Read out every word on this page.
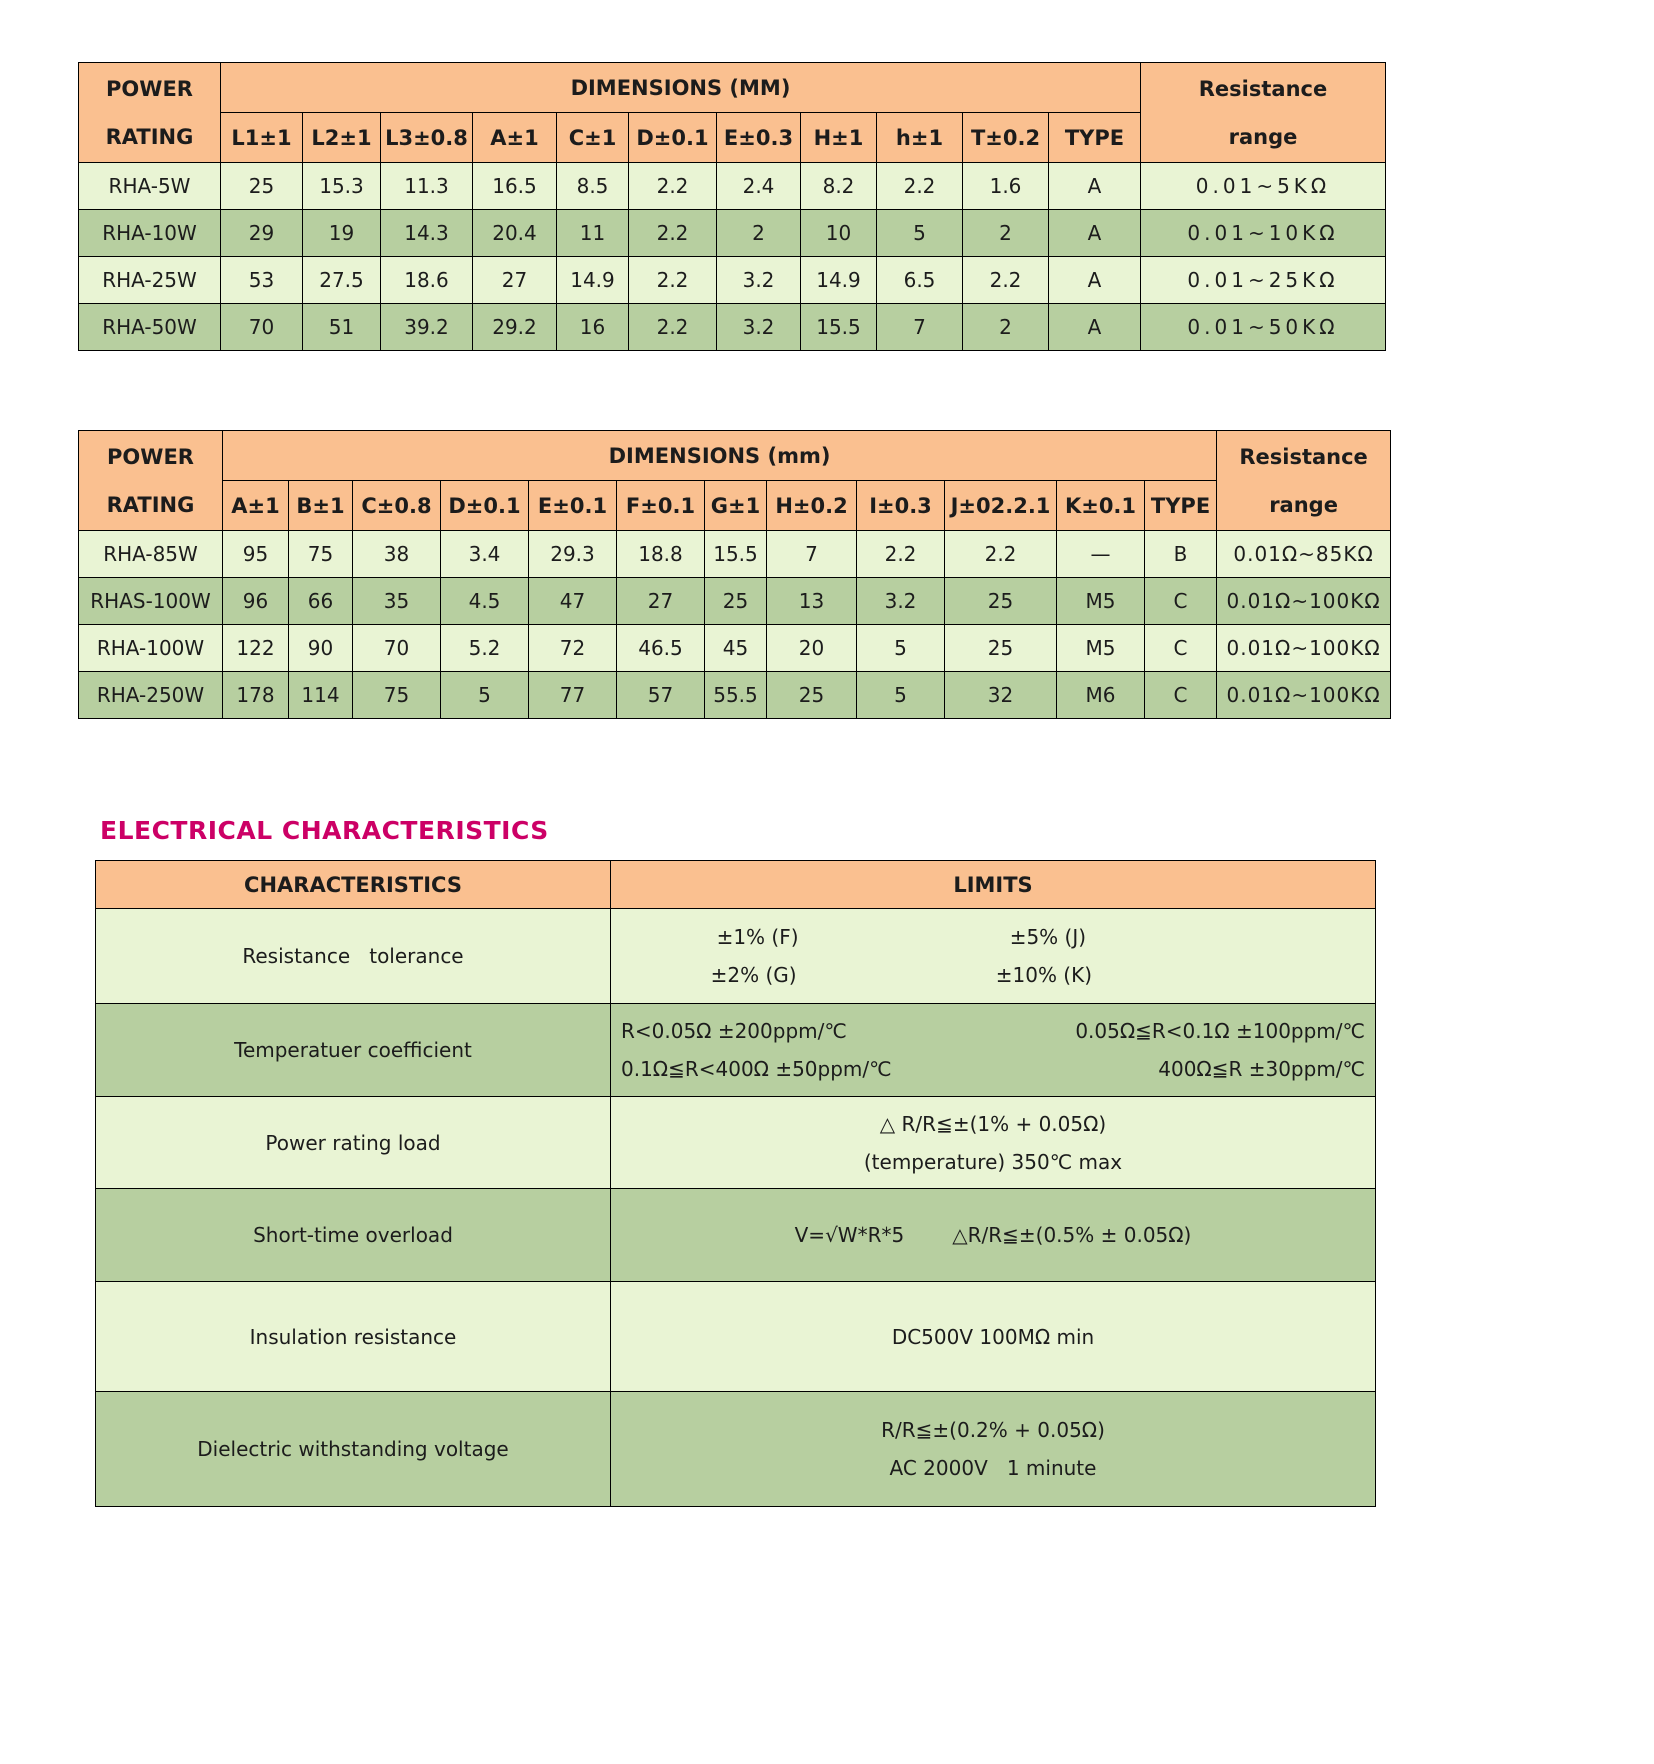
POWER
RATING
	DIMENSIONS (MM)	Resistance
range

	L1±1	L2±1	L3±0.8	A±1	C±1	D±0.1	E±0.3	H±1	h±1	T±0.2	TYPE	
RHA-5W	25	15.3	11.3	16.5	8.5	2.2	2.4	8.2	2.2	1.6	A	0.01~5KΩ
RHA-10W	29	19	14.3	20.4	11	2.2	2	10	5	2	A	0.01~10KΩ
RHA-25W	53	27.5	18.6	27	14.9	2.2	3.2	14.9	6.5	2.2	A	0.01~25KΩ
RHA-50W	70	51	39.2	29.2	16	2.2	3.2	15.5	7	2	A	0.01~50KΩ
POWER
RATING
	DIMENSIONS (mm)	Resistance
range

	A±1	B±1	C±0.8	D±0.1	E±0.1	F±0.1	G±1	H±0.2	I±0.3	J±02.2.1	K±0.1	TYPE	
RHA-85W	95	75	38	3.4	29.3	18.8	15.5	7	2.2	2.2	—	B	0.01Ω~85KΩ
RHAS-100W	96	66	35	4.5	47	27	25	13	3.2	25	M5	C	0.01Ω~100KΩ
RHA-100W	122	90	70	5.2	72	46.5	45	20	5	25	M5	C	0.01Ω~100KΩ
RHA-250W	178	114	75	5	77	57	55.5	25	5	32	M6	C	0.01Ω~100KΩ
ELECTRICAL CHARACTERISTICS
CHARACTERISTICS	LIMITS
Resistance   tolerance	±1% (F) ±5% (J)
±2% (G) ±10% (K)

Temperatuer coefficient	R<0.05Ω ±200ppm/℃ 0.05Ω≦R<0.1Ω ±100ppm/℃
0.1Ω≦R<400Ω ±50ppm/℃ 400Ω≦R ±30ppm/℃

Power rating load	△ R/R≦±(1% + 0.05Ω)
(temperature) 350℃ max

Short-time overload	V=√W*R*5 △R/R≦±(0.5% ± 0.05Ω)

Insulation resistance	DC500V 100MΩ min

Dielectric withstanding voltage	R/R≦±(0.2% + 0.05Ω)
AC 2000V   1 minute
